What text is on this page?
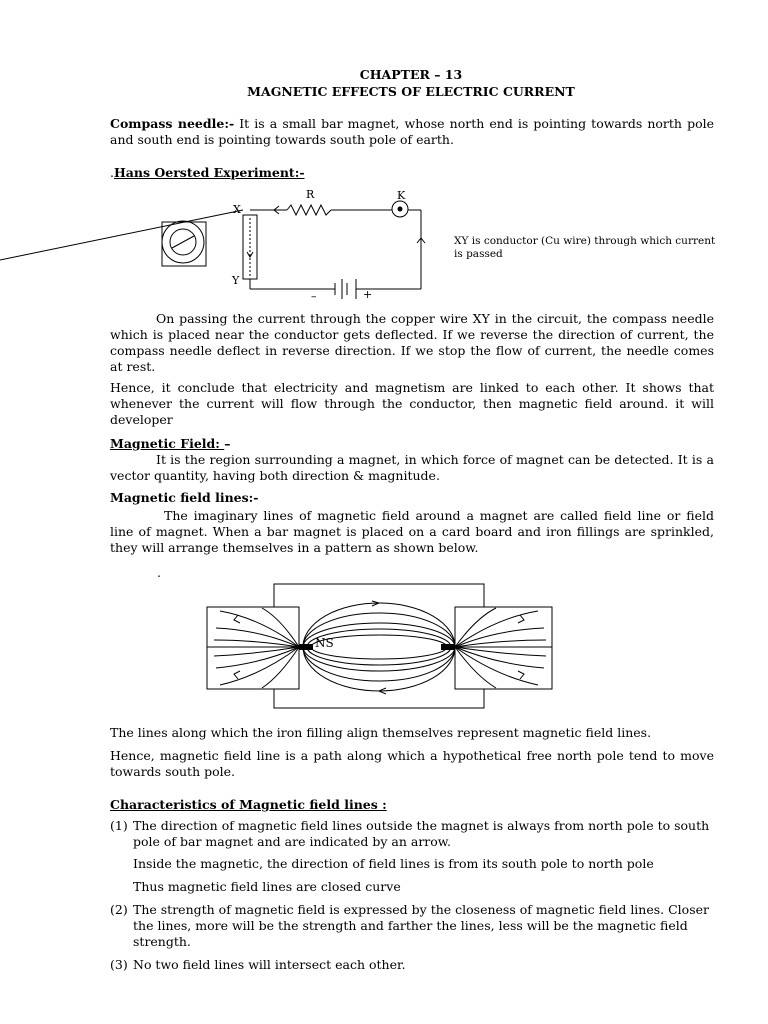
CHAPTER – 13
MAGNETIC EFFECTS OF ELECTRIC CURRENT

Compass needle:- It is a small bar magnet, whose north end is pointing towards north pole and south end is pointing towards south pole of earth.

.Hans Oersted Experiment:-
R	K
X
Y
–	+
XY is conductor (Cu wire) through which current is passed

On passing the current through the copper wire XY in the circuit, the compass needle which is placed near the conductor gets deflected. If we reverse the direction of current, the compass needle deflect in reverse direction. If we stop the flow of current, the needle comes at rest.

Hence, it conclude that electricity and magnetism are linked to each other. It shows that whenever the current will flow through the conductor, then magnetic field around. it will developer

Magnetic Field: –

It is the region surrounding a magnet, in which force of magnet can be detected. It is a vector quantity, having both direction & magnitude.

Magnetic field lines:-

The imaginary lines of magnetic field around a magnet are called field line or field line of magnet. When a bar magnet is placed on a card board and iron fillings are sprinkled, they will arrange themselves in a pattern as shown below.

.
NS

The lines along which the iron filling align themselves represent magnetic field lines.

Hence, magnetic field line is a path along which a hypothetical free north pole tend to move towards south pole.

Characteristics of Magnetic field lines :
(1) The direction of magnetic field lines outside the magnet is always from north pole to south pole of bar magnet and are indicated by an arrow.
Inside the magnetic, the direction of field lines is from its south pole to north pole
Thus magnetic field lines are closed curve
(2) The strength of magnetic field is expressed by the closeness of magnetic field lines. Closer the lines, more will be the strength and farther the lines, less will be the magnetic field strength.
(3) No two field lines will intersect each other.
